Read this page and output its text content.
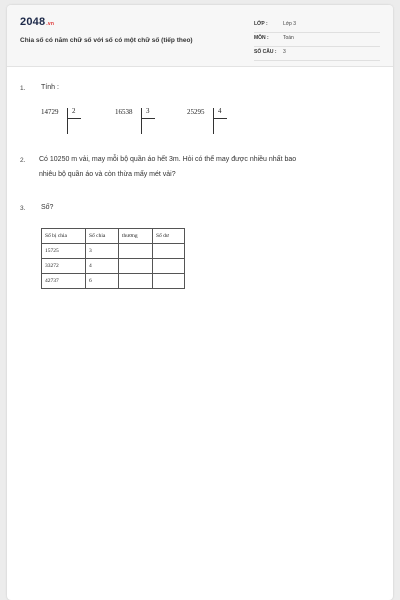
2048.vn
Chia số có năm chữ số với số có một chữ số (tiếp theo)
LỚP :	Lớp 3
MÔN :	Toán
SỐ CÂU : 3
1. Tính :
14729 2	16538 3	25295 4
2. Có 10250 m vải, may mỗi bộ quần áo hết 3m. Hỏi có thể may được nhiều nhất bao
nhiêu bộ quần áo và còn thừa mấy mét vải?
3. Số?
Số bị chia	Số chia	thương	Số dư
15725	3		
33272	4		
42737	6		
